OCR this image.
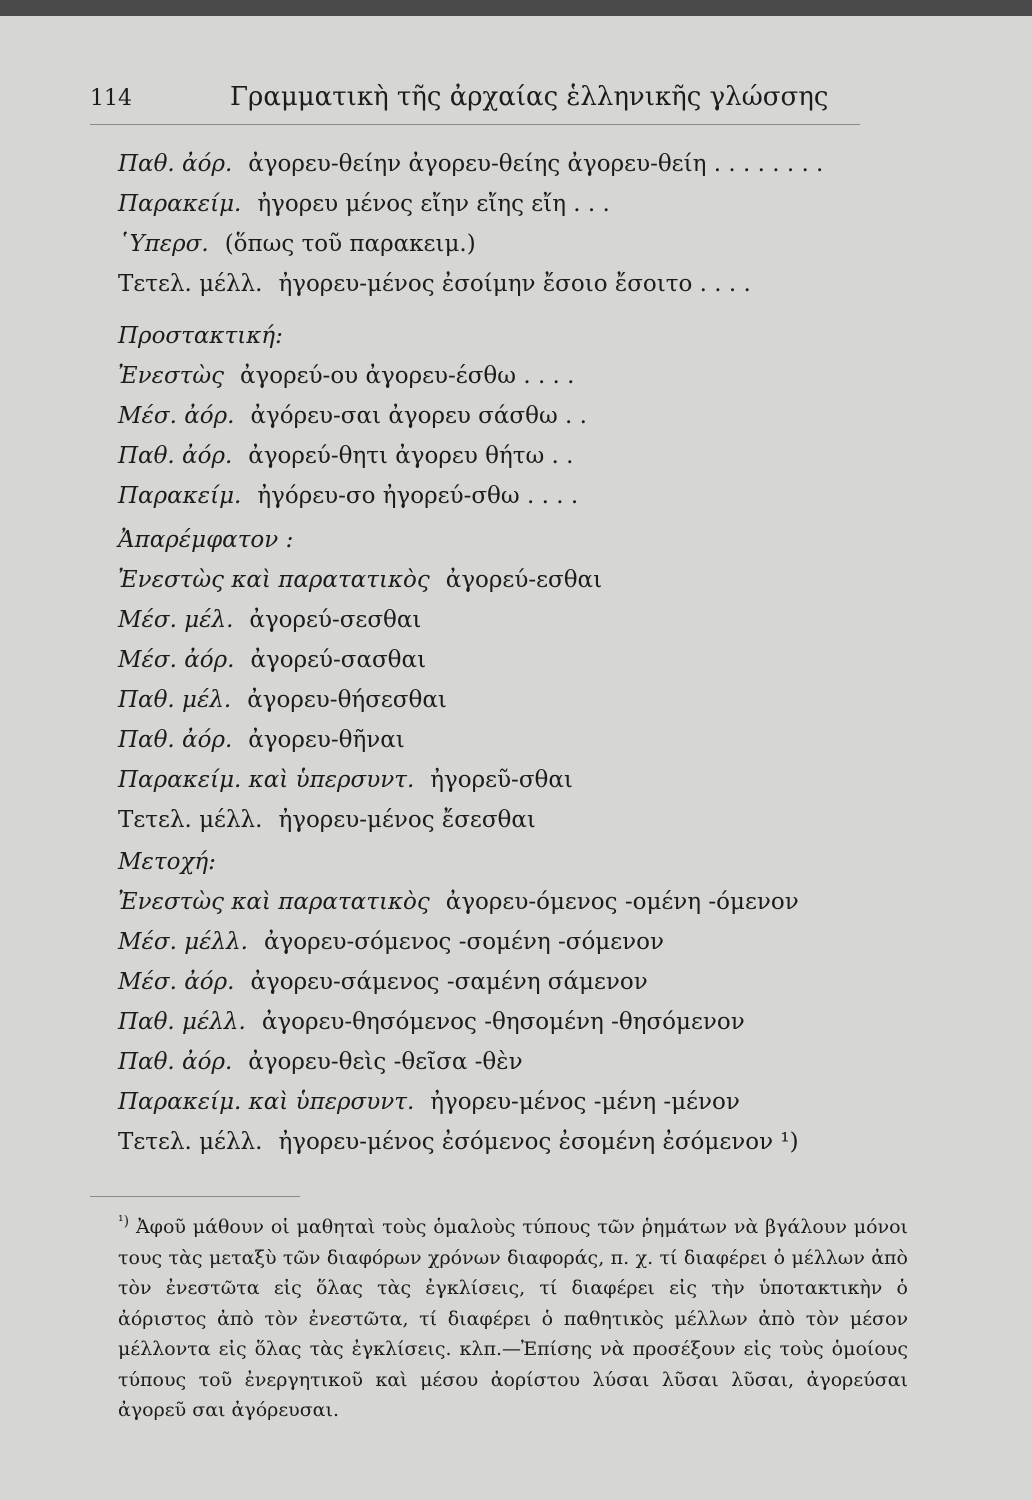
114	Γραμματικὴ τῆς ἀρχαίας ἑλληνικῆς γλώσσης
Παθ. ἀόρ. ἀγορευ-θείην ἀγορευ-θείης ἀγορευ-θείη . . . . . . . .
Παρακείμ. ἠγορευ μένος εἴην εἴης εἴη . . .
῾Υπερσ. (ὅπως τοῦ παρακειμ.)
Τετελ. μέλλ. ἠγορευ-μένος ἐσοίμην ἔσοιο ἔσοιτο . . . .
Προστακτική:
Ἐνεστὼς ἀγορεύ-ου ἀγορευ-έσθω . . . .
Μέσ. ἀόρ. ἀγόρευ-σαι ἀγορευ σάσθω . .
Παθ. ἀόρ. ἀγορεύ-θητι ἀγορευ θήτω . .
Παρακείμ. ἠγόρευ-σο ἠγορεύ-σθω . . . .
Ἀπαρέμφατον :
Ἐνεστὼς καὶ παρατατικὸς ἀγορεύ-εσθαι
Μέσ. μέλ. ἀγορεύ-σεσθαι
Μέσ. ἀόρ. ἀγορεύ-σασθαι
Παθ. μέλ. ἀγορευ-θήσεσθαι
Παθ. ἀόρ. ἀγορευ-θῆναι
Παρακείμ. καὶ ὑπερσυντ. ἠγορεῦ-σθαι
Τετελ. μέλλ. ἠγορευ-μένος ἔσεσθαι
Μετοχή:
Ἐνεστὼς καὶ παρατατικὸς ἀγορευ-όμενος -ομένη -όμενον
Μέσ. μέλλ. ἀγορευ-σόμενος -σομένη -σόμενον
Μέσ. ἀόρ. ἀγορευ-σάμενος -σαμένη σάμενον
Παθ. μέλλ. ἀγορευ-θησόμενος -θησομένη -θησόμενον
Παθ. ἀόρ. ἀγορευ-θεὶς -θεῖσα -θὲν
Παρακείμ. καὶ ὑπερσυντ. ἠγορευ-μένος -μένη -μένον
Τετελ. μέλλ. ἠγορευ-μένος ἐσόμενος ἐσομένη ἐσόμενον ¹)
$^{^1)}$ Ἀφοῦ μάθουν οἱ μαθηταὶ τοὺς ὁμαλοὺς τύπους τῶν ῥημάτων νὰ βγάλουν μόνοι τους τὰς μεταξὺ τῶν διαφόρων χρόνων διαφοράς, π. χ. τί διαφέρει ὁ μέλλων ἀπὸ τὸν ἐνεστῶτα εἰς ὅλας τὰς ἐγκλίσεις, τί διαφέρει εἰς τὴν ὑποτακτικὴν ὁ ἀόριστος ἀπὸ τὸν ἐνεστῶτα, τί διαφέρει ὁ παθητικὸς μέλλων ἀπὸ τὸν μέσον μέλλοντα εἰς ὅλας τὰς ἐγκλίσεις. κλπ.—Ἐπίσης νὰ προσέξουν εἰς τοὺς ὁμοίους τύπους τοῦ ἐνεργητικοῦ καὶ μέσου ἀορίστου λύσαι λῦσαι λῦσαι, ἀγορεύσαι ἀγορεῦ σαι ἀγόρευσαι.
